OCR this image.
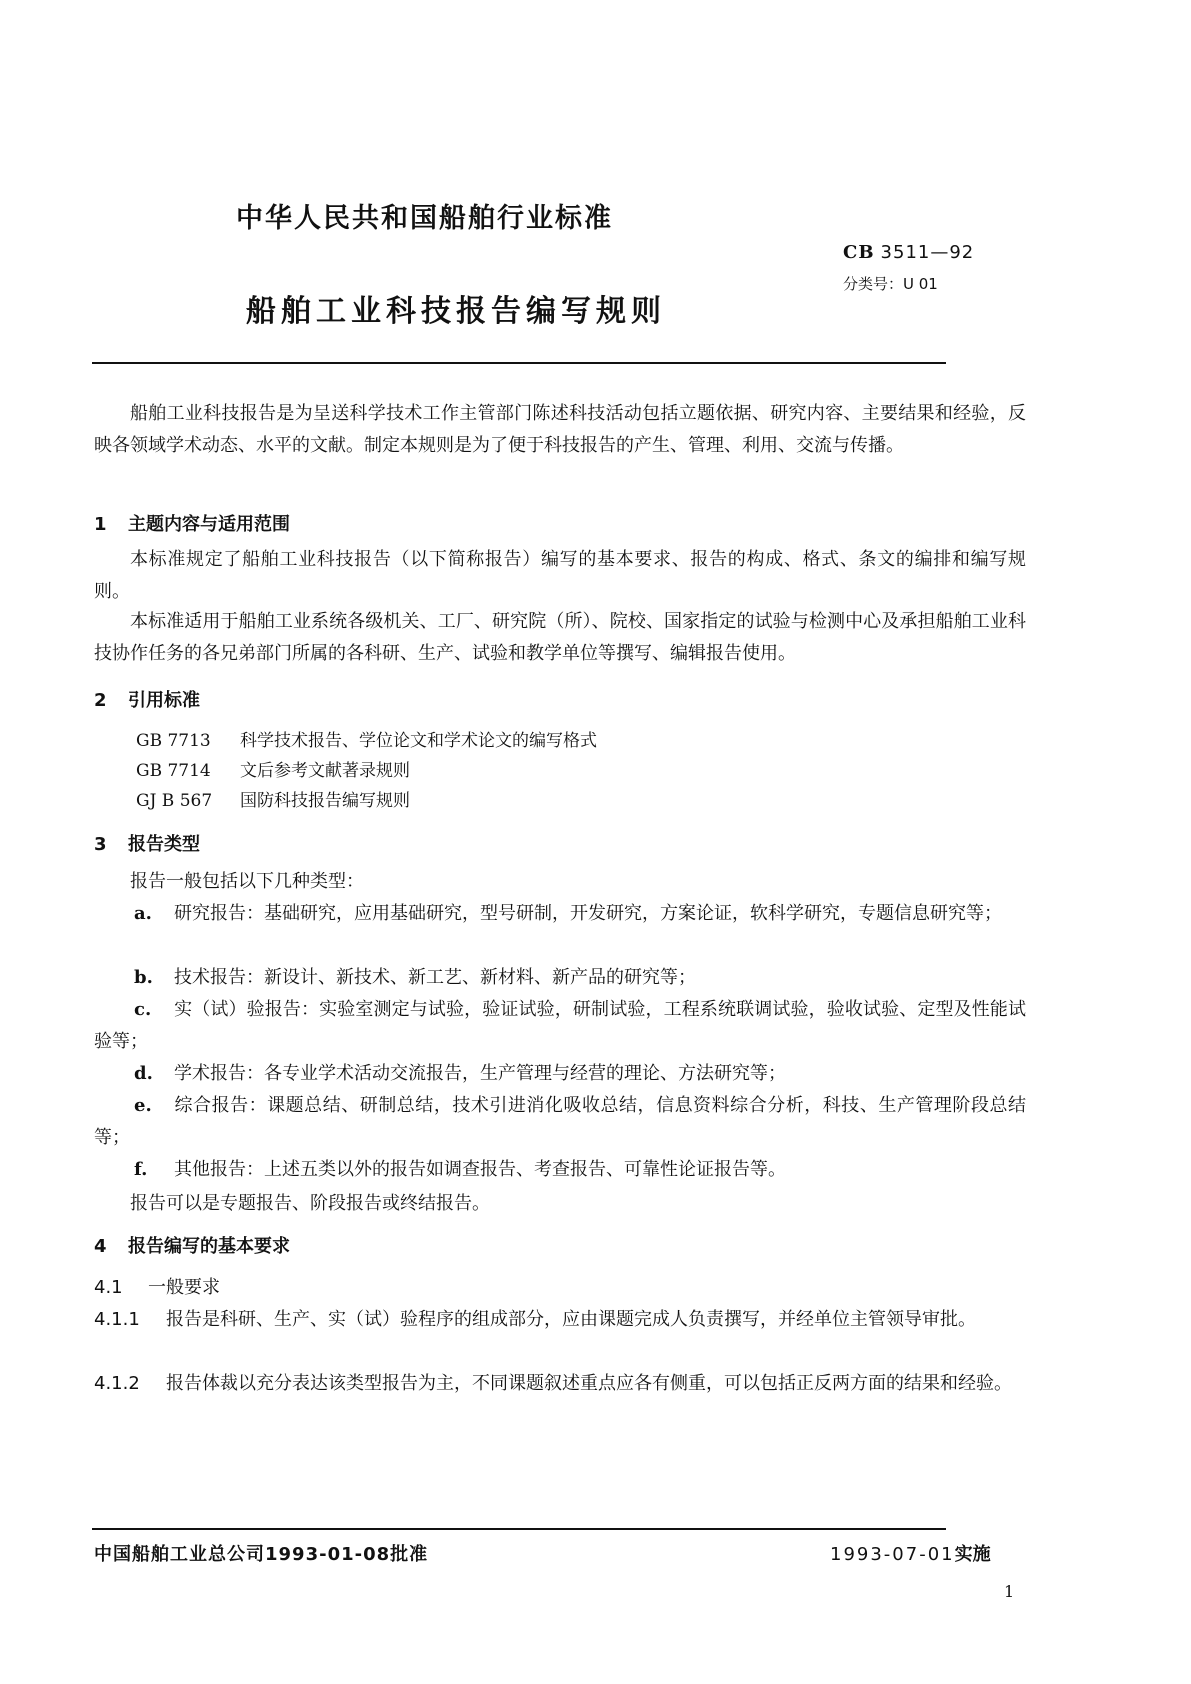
中华人民共和国船舶行业标准
CB 3511—92
分类号：U 01
船舶工业科技报告编写规则
船舶工业科技报告是为呈送科学技术工作主管部门陈述科技活动包括立题依据、研究内容、主要结果和经验，反映各领域学术动态、水平的文献。制定本规则是为了便于科技报告的产生、管理、利用、交流与传播。
1 主题内容与适用范围
本标准规定了船舶工业科技报告（以下简称报告）编写的基本要求、报告的构成、格式、条文的编排和编写规则。
本标准适用于船舶工业系统各级机关、工厂、研究院（所）、院校、国家指定的试验与检测中心及承担船舶工业科技协作任务的各兄弟部门所属的各科研、生产、试验和教学单位等撰写、编辑报告使用。
2 引用标准
GB 7713 科学技术报告、学位论文和学术论文的编写格式
GB 7714 文后参考文献著录规则
GJ B 567 国防科技报告编写规则
3 报告类型
报告一般包括以下几种类型：
a. 研究报告：基础研究，应用基础研究，型号研制，开发研究，方案论证，软科学研究，专题信息研究等；
b. 技术报告：新设计、新技术、新工艺、新材料、新产品的研究等；
c. 实（试）验报告：实验室测定与试验，验证试验，研制试验，工程系统联调试验，验收试验、定型及性能试验等；
d. 学术报告：各专业学术活动交流报告，生产管理与经营的理论、方法研究等；
e. 综合报告：课题总结、研制总结，技术引进消化吸收总结，信息资料综合分析，科技、生产管理阶段总结等；
f. 其他报告：上述五类以外的报告如调查报告、考查报告、可靠性论证报告等。
报告可以是专题报告、阶段报告或终结报告。
4 报告编写的基本要求
4.1 一般要求
4.1.1 报告是科研、生产、实（试）验程序的组成部分，应由课题完成人负责撰写，并经单位主管领导审批。
4.1.2 报告体裁以充分表达该类型报告为主，不同课题叙述重点应各有侧重，可以包括正反两方面的结果和经验。
中国船舶工业总公司1993-01-08批准	1993-07-01实施
1
